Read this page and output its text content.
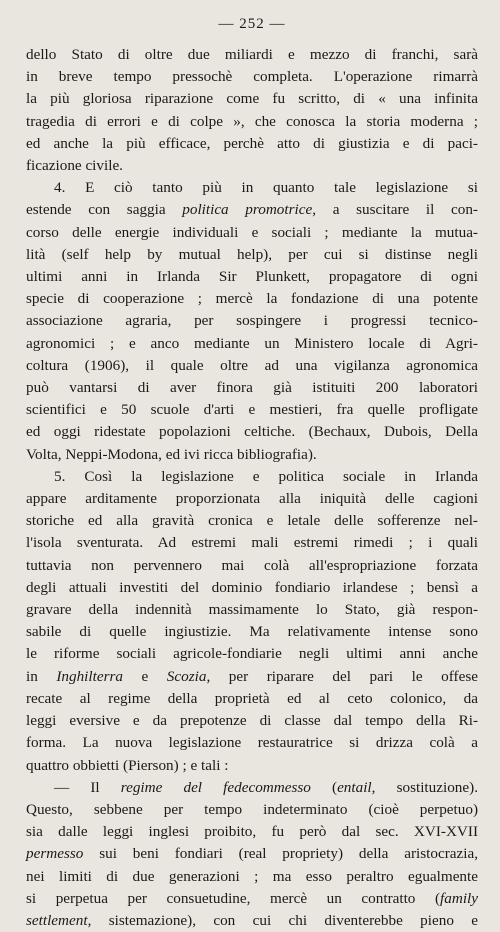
— 252 —
dello Stato di oltre due miliardi e mezzo di franchi, sarà
in breve tempo pressochè completa. L'operazione rimarrà
la più gloriosa riparazione come fu scritto, di « una infinita
tragedia di errori e di colpe », che conosca la storia moderna ;
ed anche la più efficace, perchè atto di giustizia e di paci-
ficazione civile.
4. E ciò tanto più in quanto tale legislazione si
estende con saggia politica promotrice, a suscitare il con-
corso delle energie individuali e sociali ; mediante la mutua-
lità (self help by mutual help), per cui si distinse negli
ultimi anni in Irlanda Sir Plunkett, propagatore di ogni
specie di cooperazione ; mercè la fondazione di una potente
associazione agraria, per sospingere i progressi tecnico-
agronomici ; e anco mediante un Ministero locale di Agri-
coltura (1906), il quale oltre ad una vigilanza agronomica
può vantarsi di aver finora già istituiti 200 laboratori
scientifici e 50 scuole d'arti e mestieri, fra quelle profligate
ed oggi ridestate popolazioni celtiche. (Bechaux, Dubois, Della
Volta, Neppi-Modona, ed ivi ricca bibliografia).
5. Così la legislazione e politica sociale in Irlanda
appare arditamente proporzionata alla iniquità delle cagioni
storiche ed alla gravità cronica e letale delle sofferenze nel-
l'isola sventurata. Ad estremi mali estremi rimedi ; i quali
tuttavia non pervennero mai colà all'espropriazione forzata
degli attuali investiti del dominio fondiario irlandese ; bensì a
gravare della indennità massimamente lo Stato, già respon-
sabile di quelle ingiustizie. Ma relativamente intense sono
le riforme sociali agricole-fondiarie negli ultimi anni anche
in Inghilterra e Scozia, per riparare del pari le offese
recate al regime della proprietà ed al ceto colonico, da
leggi eversive e da prepotenze di classe dal tempo della Ri-
forma. La nuova legislazione restauratrice si drizza colà a
quattro obbietti (Pierson) ; e tali :
— Il regime del fedecommesso (entail, sostituzione).
Questo, sebbene per tempo indeterminato (cioè perpetuo)
sia dalle leggi inglesi proibito, fu però dal sec. XVI-XVII
permesso sui beni fondiari (real propriety) della aristocrazia,
nei limiti di due generazioni ; ma esso peraltro egualmente
si perpetua per consuetudine, mercè un contratto (family
settlement, sistemazione), con cui chi diventerebbe pieno e
